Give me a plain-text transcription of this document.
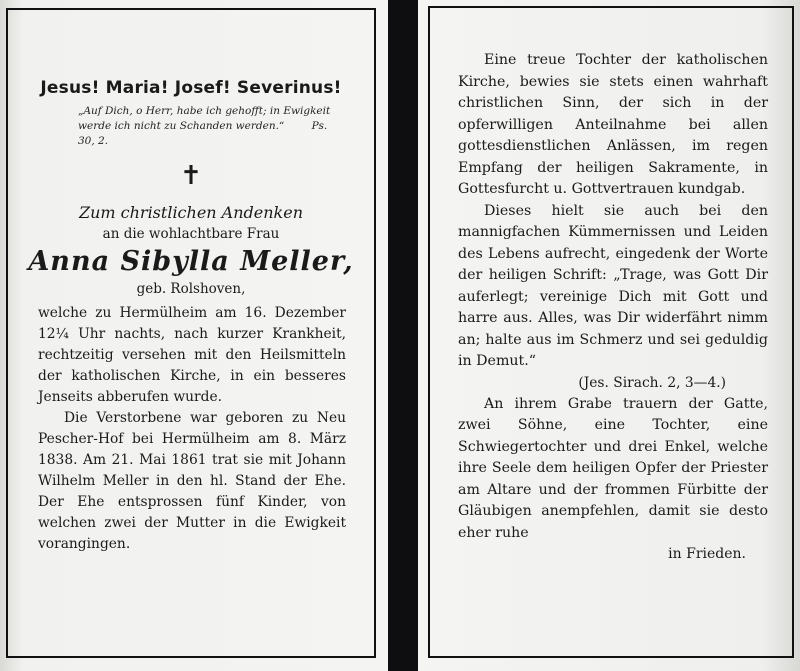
Jesus! Maria! Josef! Severinus!
„Auf Dich, o Herr, habe ich gehofft; in Ewigkeit werde ich nicht zu Schanden werden.“	Ps. 30, 2.
✝
Zum christlichen Andenken
an die wohlachtbare Frau
Anna Sibylla Meller,
geb. Rolshoven,

welche zu Hermülheim am 16. Dezember 12¼ Uhr nachts, nach kurzer Krankheit, rechtzeitig versehen mit den Heilsmitteln der katholischen Kirche, in ein besseres Jenseits abberufen wurde.

Die Verstorbene war geboren zu Neu Pescher-Hof bei Hermülheim am 8. März 1838. Am 21. Mai 1861 trat sie mit Johann Wilhelm Meller in den hl. Stand der Ehe. Der Ehe entsprossen fünf Kinder, von welchen zwei der Mutter in die Ewigkeit vorangingen.

Eine treue Tochter der katholischen Kirche, bewies sie stets einen wahrhaft christlichen Sinn, der sich in der opferwilligen Anteilnahme bei allen gottesdienstlichen Anlässen, im regen Empfang der heiligen Sakramente, in Gottesfurcht u. Gottvertrauen kundgab.

Dieses hielt sie auch bei den mannigfachen Kümmernissen und Leiden des Lebens aufrecht, eingedenk der Worte der heiligen Schrift: „Trage, was Gott Dir auferlegt; vereinige Dich mit Gott und harre aus. Alles, was Dir widerfährt nimm an; halte aus im Schmerz und sei geduldig in Demut.“

(Jes. Sirach. 2, 3—4.)

An ihrem Grabe trauern der Gatte, zwei Söhne, eine Tochter, eine Schwiegertochter und drei Enkel, welche ihre Seele dem heiligen Opfer der Priester am Altare und der frommen Fürbitte der Gläubigen anempfehlen, damit sie desto eher ruhe

in Frieden.
